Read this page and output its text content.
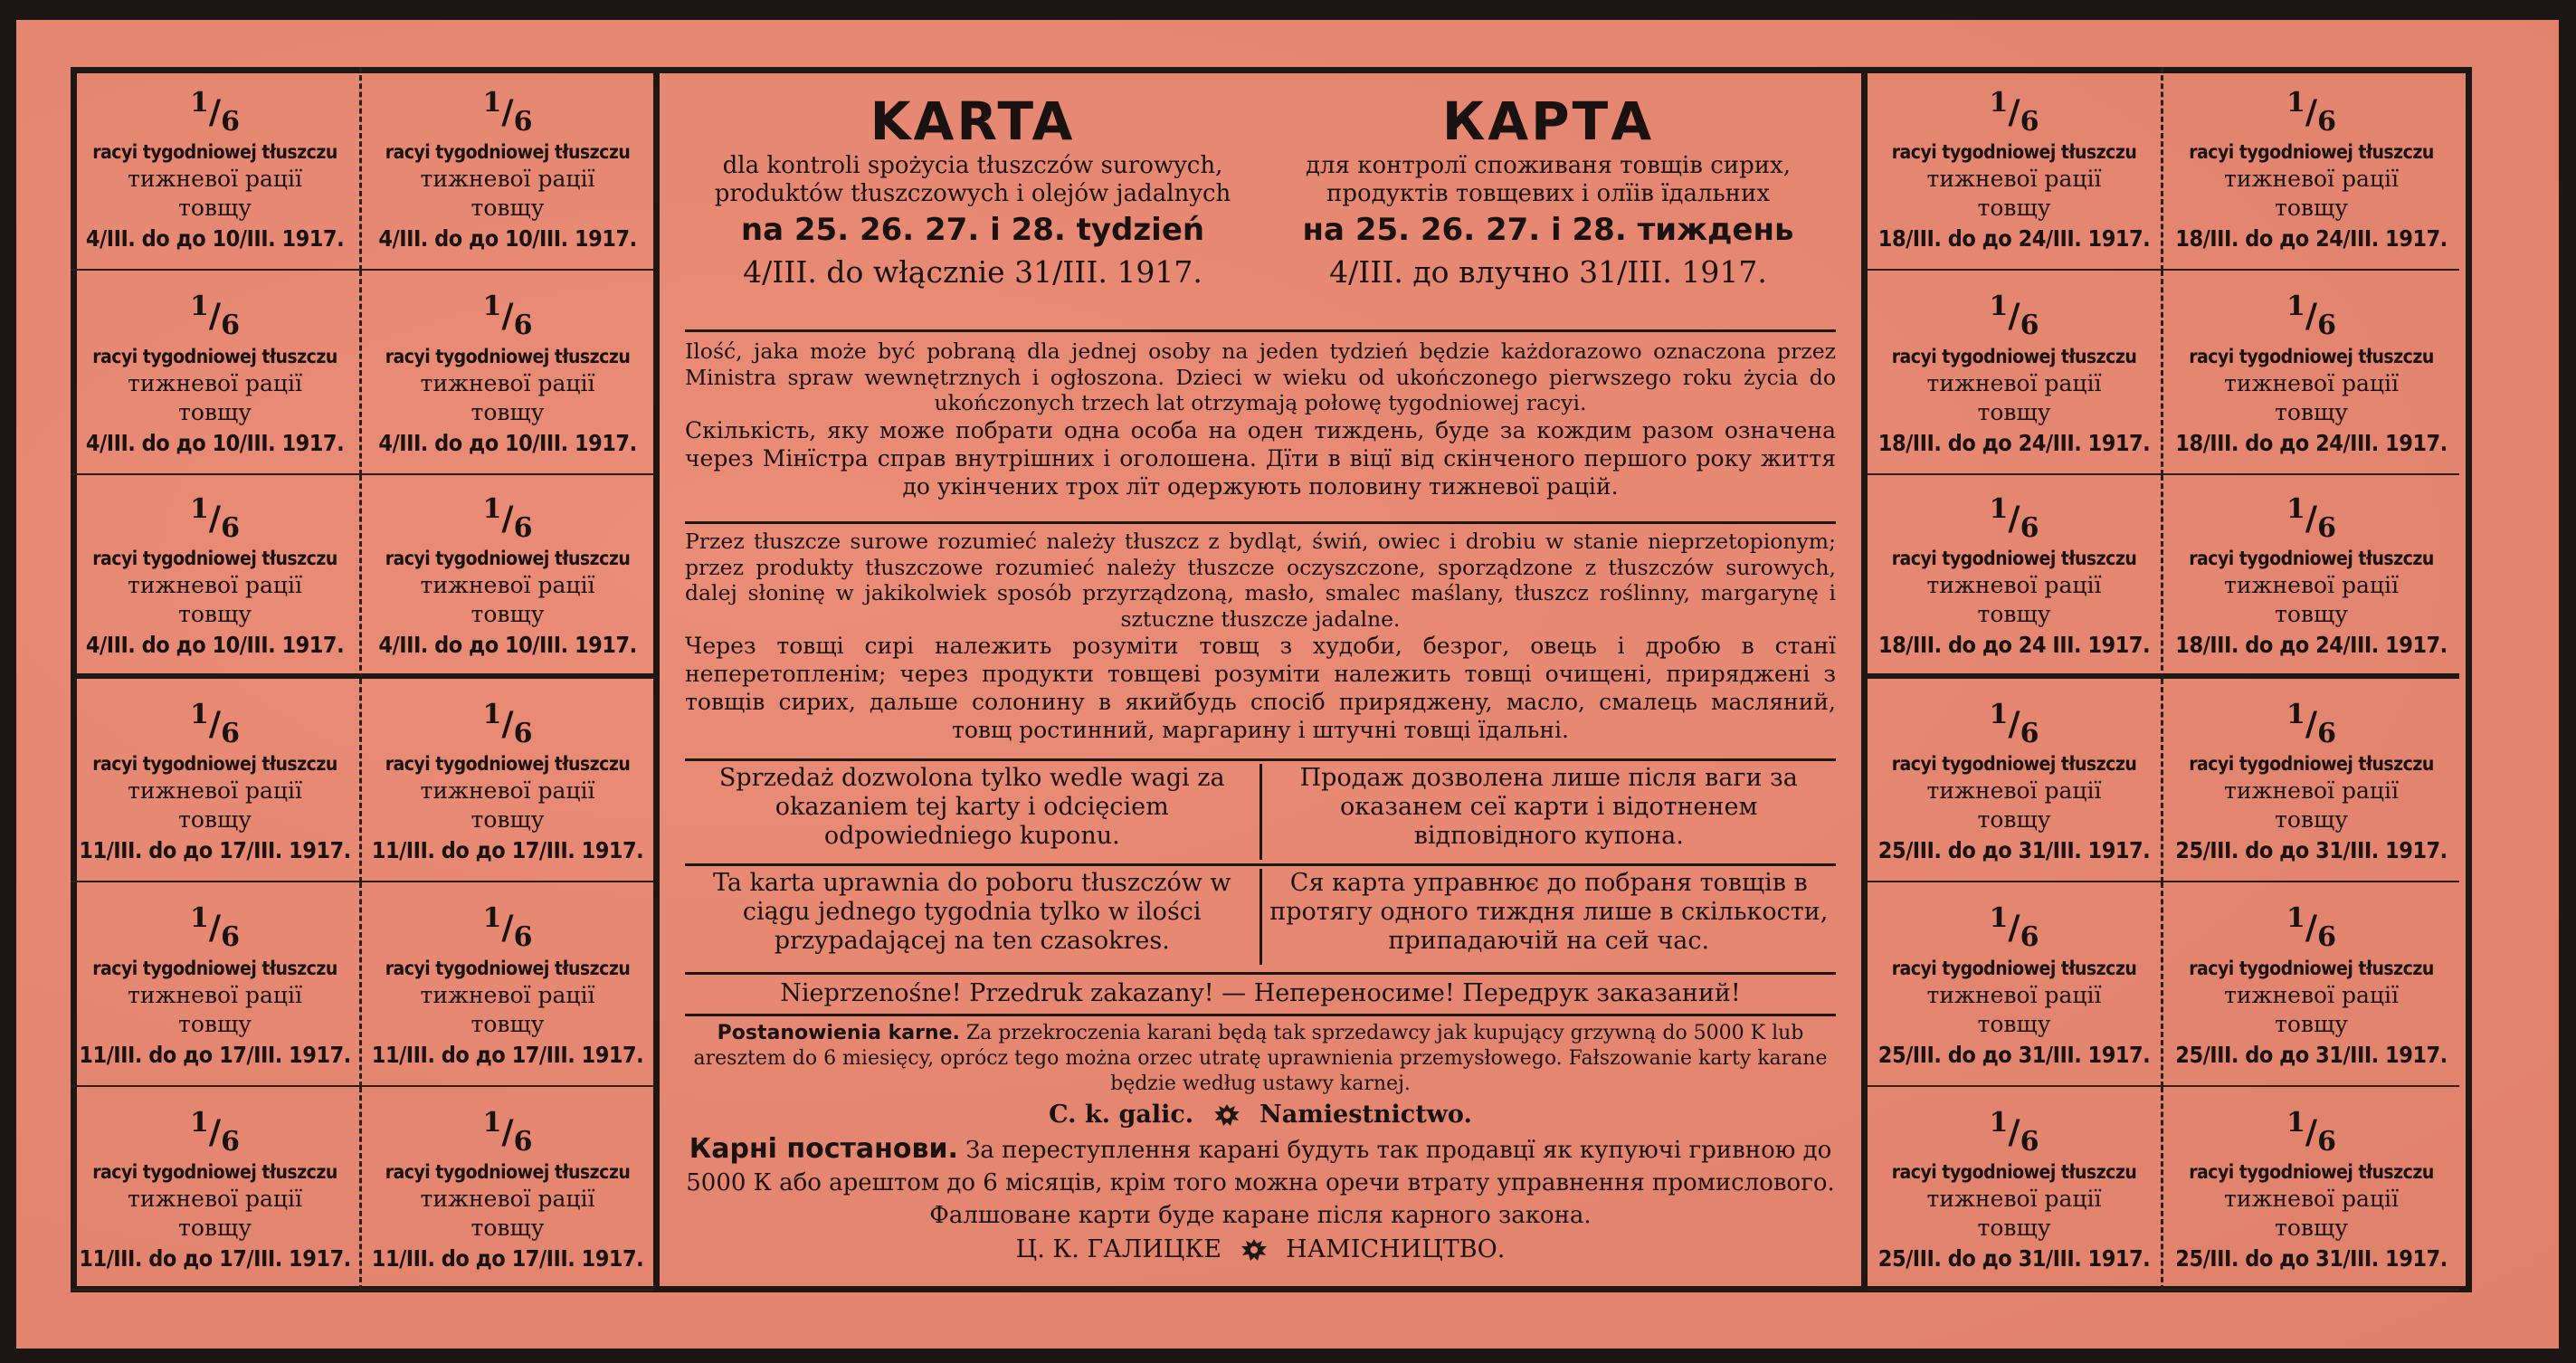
$^1/_6$
racyi tygodniowej tłuszczu
тижневої рації
товщу
4/III. do до 10/III. 1917.
$^1/_6$
racyi tygodniowej tłuszczu
тижневої рації
товщу
4/III. do до 10/III. 1917.
$^1/_6$
racyi tygodniowej tłuszczu
тижневої рації
товщу
4/III. do до 10/III. 1917.
$^1/_6$
racyi tygodniowej tłuszczu
тижневої рації
товщу
4/III. do до 10/III. 1917.
$^1/_6$
racyi tygodniowej tłuszczu
тижневої рації
товщу
4/III. do до 10/III. 1917.
$^1/_6$
racyi tygodniowej tłuszczu
тижневої рації
товщу
4/III. do до 10/III. 1917.
$^1/_6$
racyi tygodniowej tłuszczu
тижневої рації
товщу
11/III. do до 17/III. 1917.
$^1/_6$
racyi tygodniowej tłuszczu
тижневої рації
товщу
11/III. do до 17/III. 1917.
$^1/_6$
racyi tygodniowej tłuszczu
тижневої рації
товщу
11/III. do до 17/III. 1917.
$^1/_6$
racyi tygodniowej tłuszczu
тижневої рації
товщу
11/III. do до 17/III. 1917.
$^1/_6$
racyi tygodniowej tłuszczu
тижневої рації
товщу
11/III. do до 17/III. 1917.
$^1/_6$
racyi tygodniowej tłuszczu
тижневої рації
товщу
11/III. do до 17/III. 1917.
$^1/_6$
racyi tygodniowej tłuszczu
тижневої рації
товщу
18/III. do до 24/III. 1917.
$^1/_6$
racyi tygodniowej tłuszczu
тижневої рації
товщу
18/III. do до 24/III. 1917.
$^1/_6$
racyi tygodniowej tłuszczu
тижневої рації
товщу
18/III. do до 24/III. 1917.
$^1/_6$
racyi tygodniowej tłuszczu
тижневої рації
товщу
18/III. do до 24/III. 1917.
$^1/_6$
racyi tygodniowej tłuszczu
тижневої рації
товщу
18/III. do до 24 III. 1917.
$^1/_6$
racyi tygodniowej tłuszczu
тижневої рації
товщу
18/III. do до 24/III. 1917.
$^1/_6$
racyi tygodniowej tłuszczu
тижневої рації
товщу
25/III. do до 31/III. 1917.
$^1/_6$
racyi tygodniowej tłuszczu
тижневої рації
товщу
25/III. do до 31/III. 1917.
$^1/_6$
racyi tygodniowej tłuszczu
тижневої рації
товщу
25/III. do до 31/III. 1917.
$^1/_6$
racyi tygodniowej tłuszczu
тижневої рації
товщу
25/III. do до 31/III. 1917.
$^1/_6$
racyi tygodniowej tłuszczu
тижневої рації
товщу
25/III. do до 31/III. 1917.
$^1/_6$
racyi tygodniowej tłuszczu
тижневої рації
товщу
25/III. do до 31/III. 1917.
KARTA
dla kontroli spożycia tłuszczów surowych,
produktów tłuszczowych i olejów jadalnych
na 25. 26. 27. i 28. tydzień
4/III. do włącznie 31/III. 1917.
КАРТА
для контролї споживаня товщів сирих,
продуктів товщевих і олїів їдальних
на 25. 26. 27. і 28. тиждень
4/III. до влучно 31/III. 1917.
Ilość, jaka może być pobraną dla jednej osoby na jeden tydzień będzie każdorazowo oznaczona przez Ministra spraw wewnętrznych i ogłoszona. Dzieci w wieku od ukończonego pierwszego roku życia do ukończonych trzech lat otrzymają połowę tygodniowej racyi.
Скількість, яку може побрати одна особа на оден тиждень, буде за кождим разом означена через Мінїстра справ внутрішних і оголошена. Дїти в віцї від скінченого першого року життя до укінчених трох лїт одержують половину тижневої рацій.
Przez tłuszcze surowe rozumieć należy tłuszcz z bydląt, świń, owiec i drobiu w stanie nieprzetopionym; przez produkty tłuszczowe rozumieć należy tłuszcze oczyszczone, sporządzone z tłuszczów surowych, dalej słoninę w jakikolwiek sposób przyrządzoną, masło, smalec maślany, tłuszcz roślinny, margarynę i sztuczne tłuszcze jadalne.
Через товщі сирі належить розуміти товщ з худоби, безрог, овець і дробю в станї неперетопленім; через продукти товщеві розуміти належить товщі очищені, приряджені з товщів сирих, дальше солонину в якийбудь спосіб прирядженy, масло, смалець масляний, товщ ростинний, маргарину і штучні товщі їдальні.
Sprzedaż dozwolona tylko wedle wagi za okazaniem tej karty i odcięciem odpowiedniego kuponu.
Продаж дозволена лише після ваги за оказанем сеї карти і відотненем відповідного купона.
Ta karta uprawnia do poboru tłuszczów w ciągu jednego tygodnia tylko w ilości przypadającej na ten czasokres.
Ся карта управнює до побраня товщів в протягу одного тиждня лише в скількости, припадаючій на сей час.
Nieprzenośne! Przedruk zakazany! — Непереносиме! Передрук заказаний!
Postanowienia karne. Za przekroczenia karani będą tak sprzedawcy jak kupujący grzywną do 5000 K lub aresztem do 6 miesięcy, oprócz tego można orzec utratę uprawnienia przemysłowego. Fałszowanie karty karane będzie według ustawy karnej.
C. k. galic.	Namiestnictwo.
Карні постанови. За переступлення карані будуть так продавцї як купуючі гривною до 5000 К або арештом до 6 місяців, крім того можна оречи втрату управнення промислового. Фалшоване карти буде каране після карного закона.
Ц. К. ГАЛИЦКЕ	НАМІСНИЦТВО.
